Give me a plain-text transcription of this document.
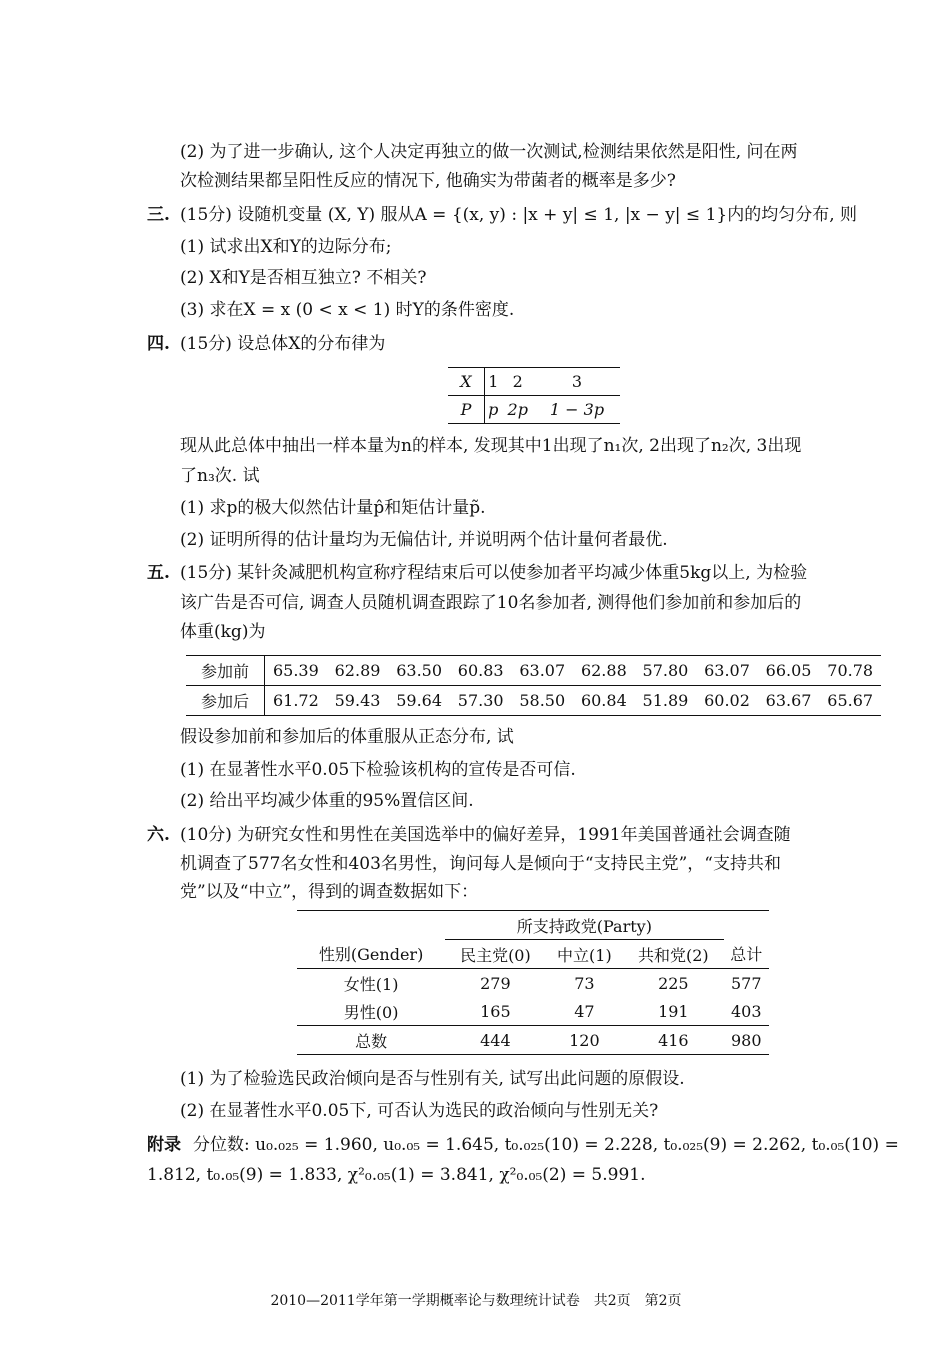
(2) 为了进一步确认, 这个人决定再独立的做一次测试,检测结果依然是阳性, 问在两
次检测结果都呈阳性反应的情况下, 他确实为带菌者的概率是多少?
三. (15分) 设随机变量 (X, Y) 服从A = {(x, y) : |x + y| ≤ 1, |x − y| ≤ 1}内的均匀分布, 则
(1) 试求出X和Y的边际分布;
(2) X和Y是否相互独立? 不相关?
(3) 求在X = x (0 < x < 1) 时Y的条件密度.
四. (15分) 设总体X的分布律为
X	1	2	3
P	p	2p	1 − 3p
现从此总体中抽出一样本量为n的样本, 发现其中1出现了n₁次, 2出现了n₂次, 3出现
了n₃次. 试
(1) 求p的极大似然估计量p̂和矩估计量p̃.
(2) 证明所得的估计量均为无偏估计, 并说明两个估计量何者最优.
五. (15分) 某针灸减肥机构宣称疗程结束后可以使参加者平均减少体重5kg以上, 为检验
该广告是否可信, 调查人员随机调查跟踪了10名参加者, 测得他们参加前和参加后的
体重(kg)为
参加前	65.39	62.89	63.50	60.83	63.07	62.88	57.80	63.07	66.05	70.78
参加后	61.72	59.43	59.64	57.30	58.50	60.84	51.89	60.02	63.67	65.67
假设参加前和参加后的体重服从正态分布, 试
(1) 在显著性水平0.05下检验该机构的宣传是否可信.
(2) 给出平均减少体重的95%置信区间.
六. (10分) 为研究女性和男性在美国选举中的偏好差异，1991年美国普通社会调查随
机调查了577名女性和403名男性，询问每人是倾向于“支持民主党”，“支持共和
党”以及“中立”，得到的调查数据如下：
	所支持政党(Party)			
性别(Gender)	民主党(0)	中立(1)	共和党(2)	总计
女性(1)	279	73	225	577
男性(0)	165	47	191	403
总数	444	120	416	980
(1) 为了检验选民政治倾向是否与性别有关, 试写出此问题的原假设.
(2) 在显著性水平0.05下, 可否认为选民的政治倾向与性别无关?
附录 分位数: u₀.₀₂₅ = 1.960, u₀.₀₅ = 1.645, t₀.₀₂₅(10) = 2.228, t₀.₀₂₅(9) = 2.262, t₀.₀₅(10) =
1.812, t₀.₀₅(9) = 1.833, χ²₀.₀₅(1) = 3.841, χ²₀.₀₅(2) = 5.991.
2010—2011学年第一学期概率论与数理统计试卷　共2页　第2页
